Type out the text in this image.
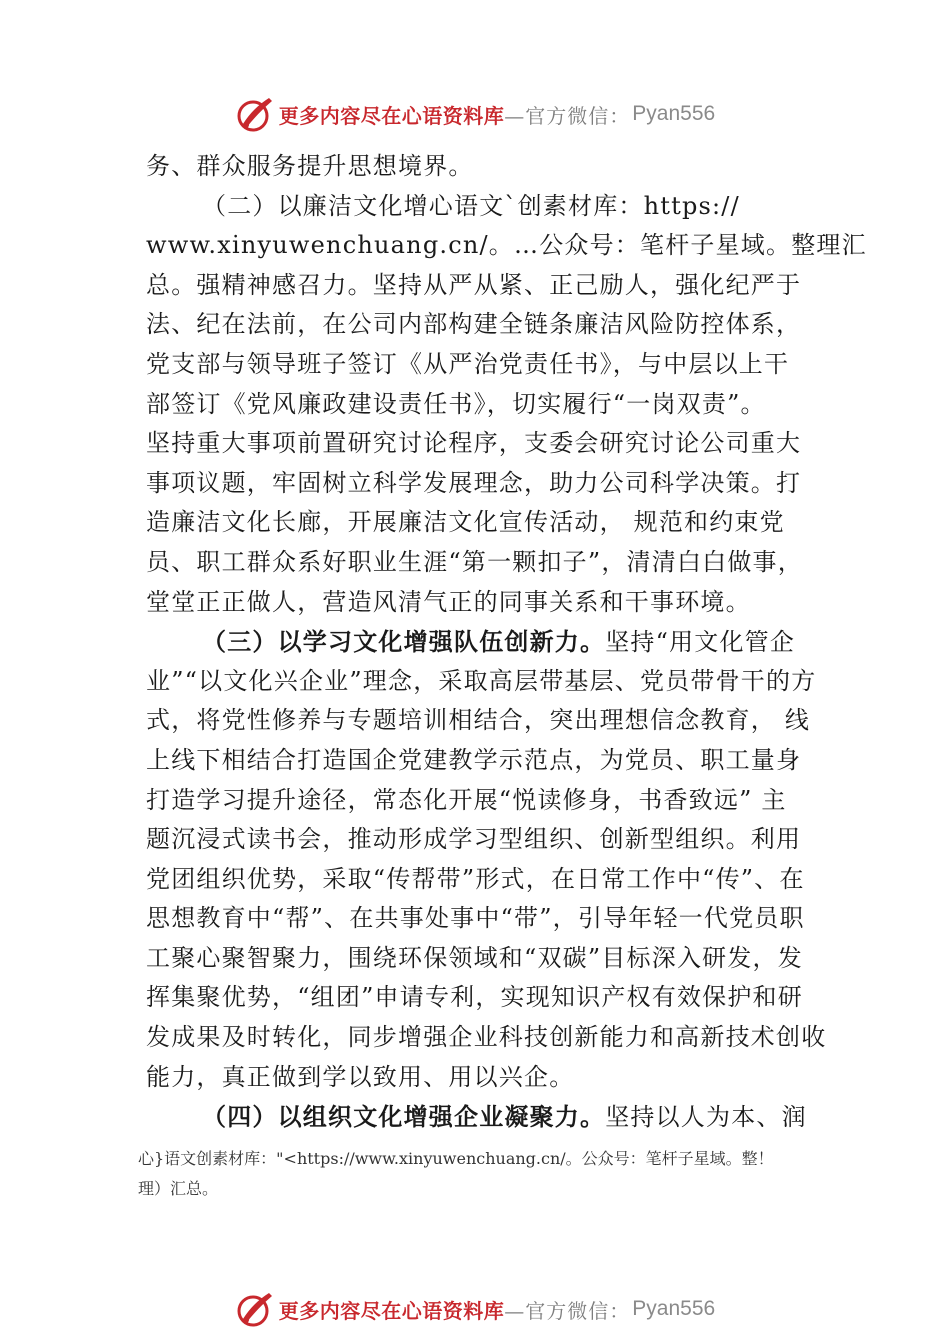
更多内容尽在心语资料库 —官方微信： Pyan556
务、群众服务提升思想境界。
（二）以廉洁文化增心语文`创素材库：https://
www.xinyuwenchuang.cn/。…公众号：笔杆子星域。整理汇
总。强精神感召力。坚持从严从紧、正己励人，强化纪严于
法、纪在法前，在公司内部构建全链条廉洁风险防控体系，
党支部与领导班子签订《从严治党责任书》，与中层以上干
部签订《党风廉政建设责任书》，切实履行“一岗双责”。
坚持重大事项前置研究讨论程序，支委会研究讨论公司重大
事项议题，牢固树立科学发展理念，助力公司科学决策。打
造廉洁文化长廊，开展廉洁文化宣传活动， 规范和约束党
员、职工群众系好职业生涯“第一颗扣子”，清清白白做事，
堂堂正正做人，营造风清气正的同事关系和干事环境。
（三）以学习文化增强队伍创新力。坚持“用文化管企
业”“以文化兴企业”理念，采取高层带基层、党员带骨干的方
式，将党性修养与专题培训相结合，突出理想信念教育， 线
上线下相结合打造国企党建教学示范点，为党员、职工量身
打造学习提升途径，常态化开展“悦读修身，书香致远” 主
题沉浸式读书会，推动形成学习型组织、创新型组织。利用
党团组织优势，采取“传帮带”形式，在日常工作中“传”、在
思想教育中“帮”、在共事处事中“带”，引导年轻一代党员职
工聚心聚智聚力，围绕环保领域和“双碳”目标深入研发，发
挥集聚优势，“组团”申请专利，实现知识产权有效保护和研
发成果及时转化，同步增强企业科技创新能力和高新技术创收
能力，真正做到学以致用、用以兴企。
（四）以组织文化增强企业凝聚力。坚持以人为本、润
心}语文创素材库："<https://www.xinyuwenchuang.cn/。公众号：笔杆子星域。整！
理）汇总。
更多内容尽在心语资料库 —官方微信： Pyan556
